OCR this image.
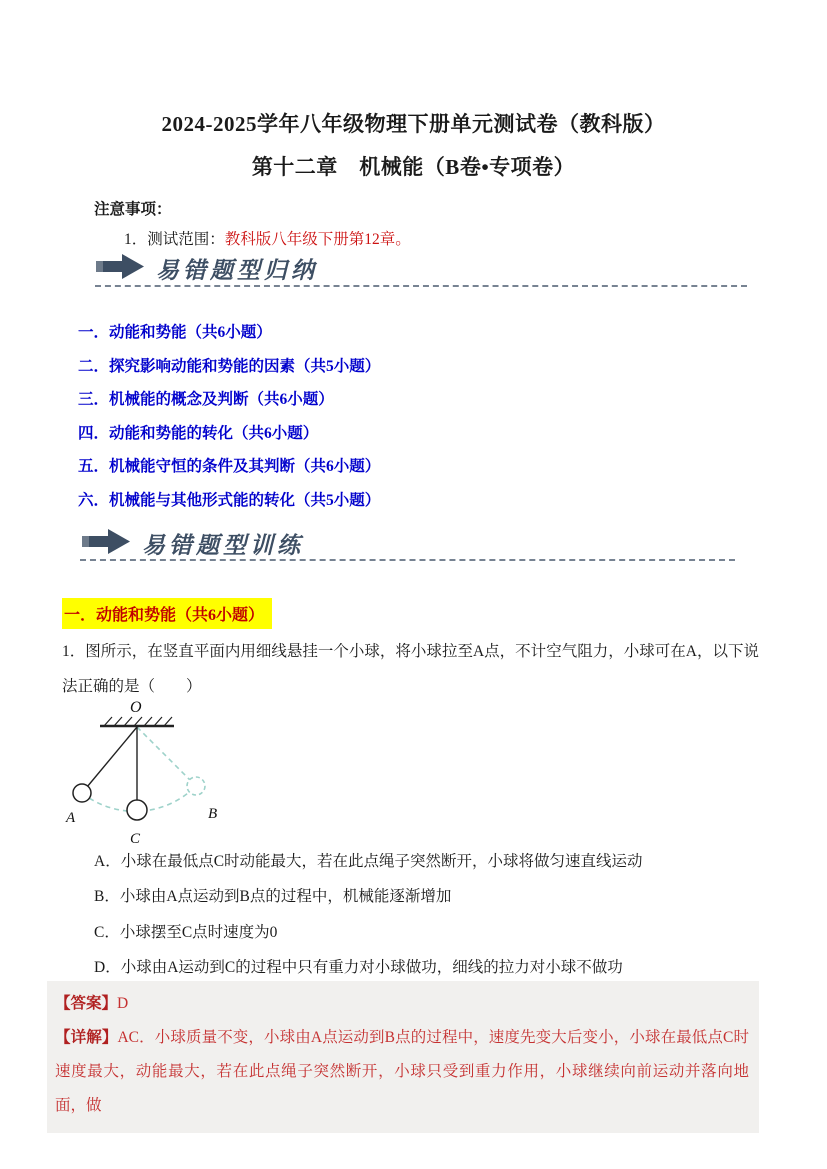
2024-2025学年八年级物理下册单元测试卷（教科版）
第十二章　机械能（B卷•专项卷）
注意事项：
1．测试范围：教科版八年级下册第12章。
易错题型归纳
一．动能和势能（共6小题）
二．探究影响动能和势能的因素（共5小题）
三．机械能的概念及判断（共6小题）
四．动能和势能的转化（共6小题）
五．机械能守恒的条件及其判断（共6小题）
六．机械能与其他形式能的转化（共5小题）
易错题型训练
一．动能和势能（共6小题）
1．图所示，在竖直平面内用细线悬挂一个小球，将小球拉至A点，不计空气阻力，小球可在A，以下说法正确的是（　　）
O
A
C
B
A．小球在最低点C时动能最大，若在此点绳子突然断开，小球将做匀速直线运动
B．小球由A点运动到B点的过程中，机械能逐渐增加
C．小球摆至C点时速度为0
D．小球由A运动到C的过程中只有重力对小球做功，细线的拉力对小球不做功
【答案】D
【详解】AC．小球质量不变，小球由A点运动到B点的过程中，速度先变大后变小，小球在最低点C时速度最大，动能最大，若在此点绳子突然断开，小球只受到重力作用，小球继续向前运动并落向地面，做
